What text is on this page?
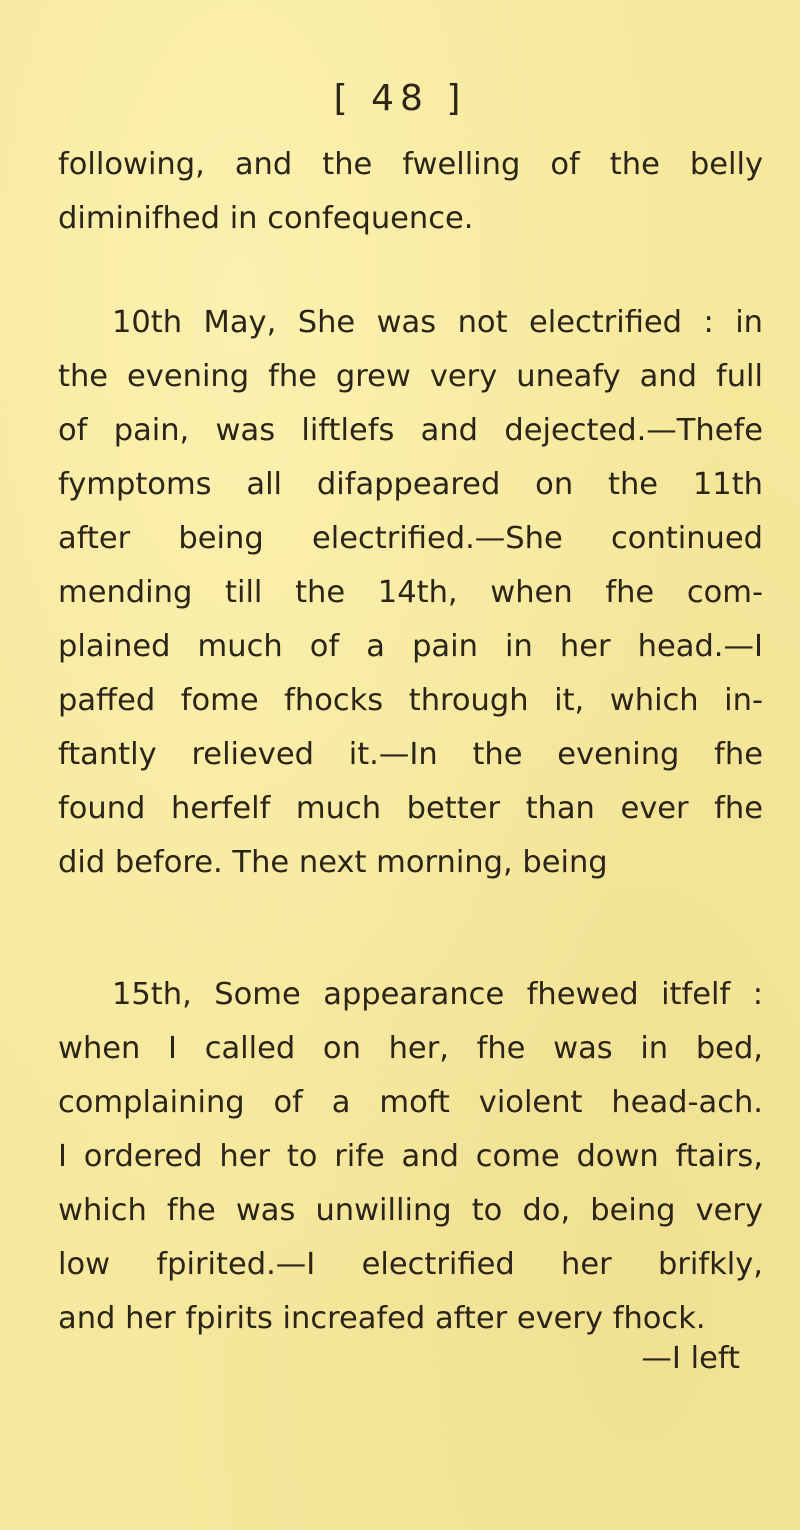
[ 48 ]
following, and the fwelling of the belly
diminifhed in confequence.
10th May, She was not electrified : in
the evening fhe grew very uneafy and full
of pain, was liftlefs and dejected.—Thefe
fymptoms all difappeared on the 11th
after being electrified.—She continued
mending till the 14th, when fhe com-
plained much of a pain in her head.—I
paffed fome fhocks through it, which in-
ftantly relieved it.—In the evening fhe
found herfelf much better than ever fhe
did before. The next morning, being
15th, Some appearance fhewed itfelf :
when I called on her, fhe was in bed,
complaining of a moft violent head-ach.
I ordered her to rife and come down ftairs,
which fhe was unwilling to do, being very
low fpirited.—I electrified her brifkly,
and her fpirits increafed after every fhock.
—I left
